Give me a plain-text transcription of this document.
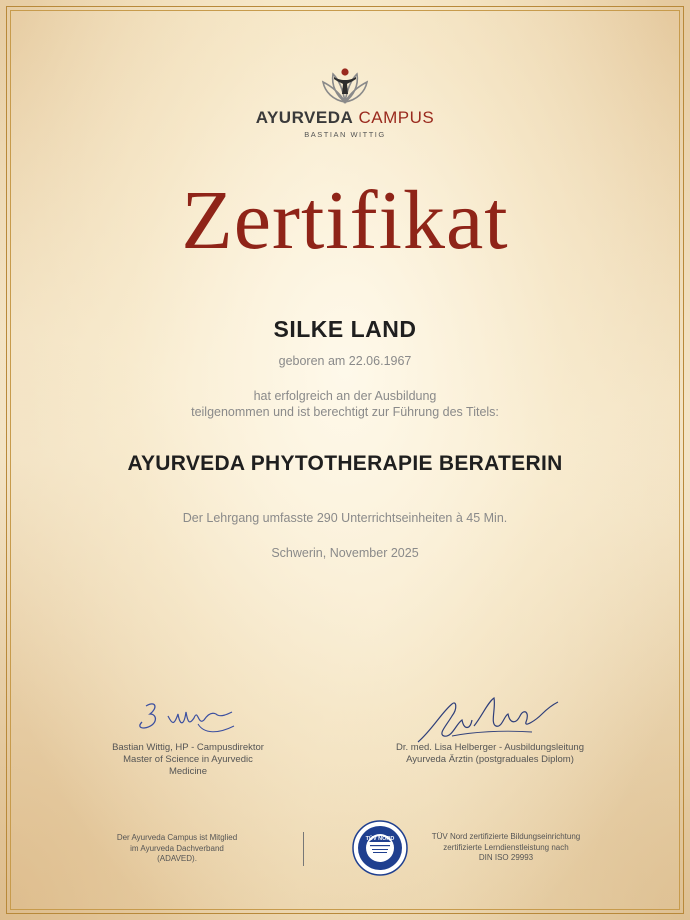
AYURVEDA CAMPUS
BASTIAN WITTIG
Zertifikat
SILKE LAND
geboren am 22.06.1967
hat erfolgreich an der Ausbildung
teilgenommen und ist berechtigt zur Führung des Titels:
AYURVEDA PHYTOTHERAPIE BERATERIN
Der Lehrgang umfasste 290 Unterrichtseinheiten à 45 Min.
Schwerin, November 2025
Bastian Wittig, HP - Campusdirektor
Master of Science in Ayurvedic
Medicine
Dr. med. Lisa Helberger - Ausbildungsleitung
Ayurveda Ärztin (postgraduales Diplom)
Der Ayurveda Campus ist Mitglied
im Ayurveda Dachverband
(ADAVED).
TÜV NORD	TÜV Nord zertifizierte Bildungseinrichtung
zertifizierte Lerndienstleistung nach
DIN ISO 29993
